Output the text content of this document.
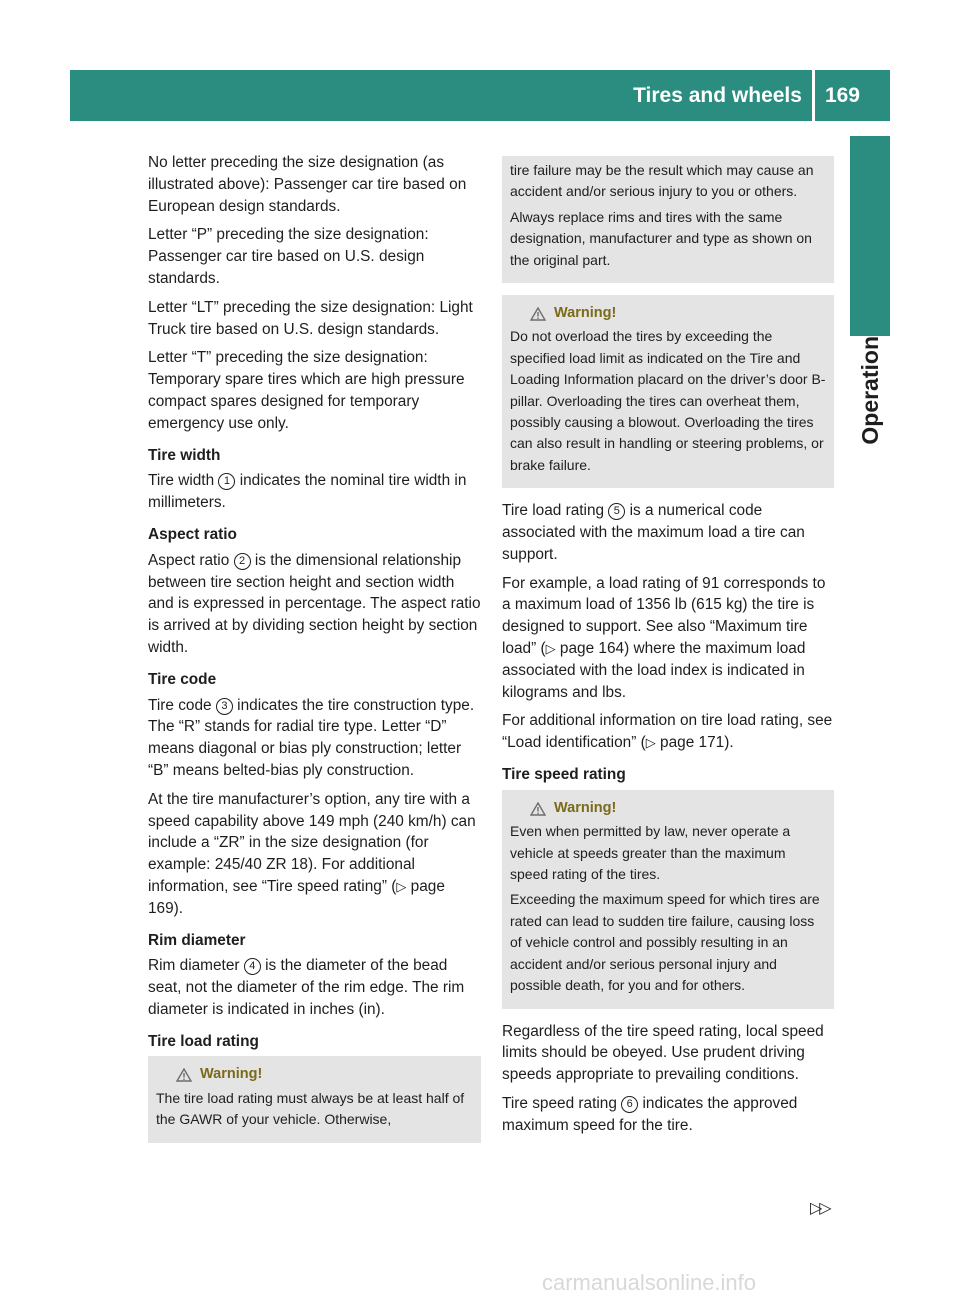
Tires and wheels 169
Operation

No letter preceding the size designation (as illustrated above): Passenger car tire based on European design standards.

Letter “P” preceding the size designation: Passenger car tire based on U.S. design standards.

Letter “LT” preceding the size designation: Light Truck tire based on U.S. design standards.

Letter “T” preceding the size designation: Temporary spare tires which are high pressure compact spares designed for temporary emergency use only.

Tire width

Tire width 1 indicates the nominal tire width in millimeters.

Aspect ratio

Aspect ratio 2 is the dimensional relationship between tire section height and section width and is expressed in percentage. The aspect ratio is arrived at by dividing section height by section width.

Tire code

Tire code 3 indicates the tire construction type. The “R” stands for radial tire type. Letter “D” means diagonal or bias ply construction; letter “B” means belted-bias ply construction.

At the tire manufacturer’s option, any tire with a speed capability above 149 mph (240 km/h) can include a “ZR” in the size designation (for example: 245/40 ZR 18). For additional information, see “Tire speed rating” (▷ page 169).

Rim diameter

Rim diameter 4 is the diameter of the bead seat, not the diameter of the rim edge. The rim diameter is indicated in inches (in).

Tire load rating

Warning!

The tire load rating must always be at least half of the GAWR of your vehicle. Otherwise,

tire failure may be the result which may cause an accident and/or serious injury to you or others.

Always replace rims and tires with the same designation, manufacturer and type as shown on the original part.

Warning!

Do not overload the tires by exceeding the specified load limit as indicated on the Tire and Loading Information placard on the driver’s door B-pillar. Overloading the tires can overheat them, possibly causing a blowout. Overloading the tires can also result in handling or steering problems, or brake failure.

Tire load rating 5 is a numerical code associated with the maximum load a tire can support.

For example, a load rating of 91 corresponds to a maximum load of 1356 lb (615 kg) the tire is designed to support. See also “Maximum tire load” (▷ page 164) where the maximum load associated with the load index is indicated in kilograms and lbs.

For additional information on tire load rating, see “Load identification” (▷ page 171).

Tire speed rating

Warning!

Even when permitted by law, never operate a vehicle at speeds greater than the maximum speed rating of the tires.

Exceeding the maximum speed for which tires are rated can lead to sudden tire failure, causing loss of vehicle control and possibly resulting in an accident and/or serious personal injury and possible death, for you and for others.

Regardless of the tire speed rating, local speed limits should be obeyed. Use prudent driving speeds appropriate to prevailing conditions.

Tire speed rating 6 indicates the approved maximum speed for the tire.

▷▷
carmanualsonline.info
